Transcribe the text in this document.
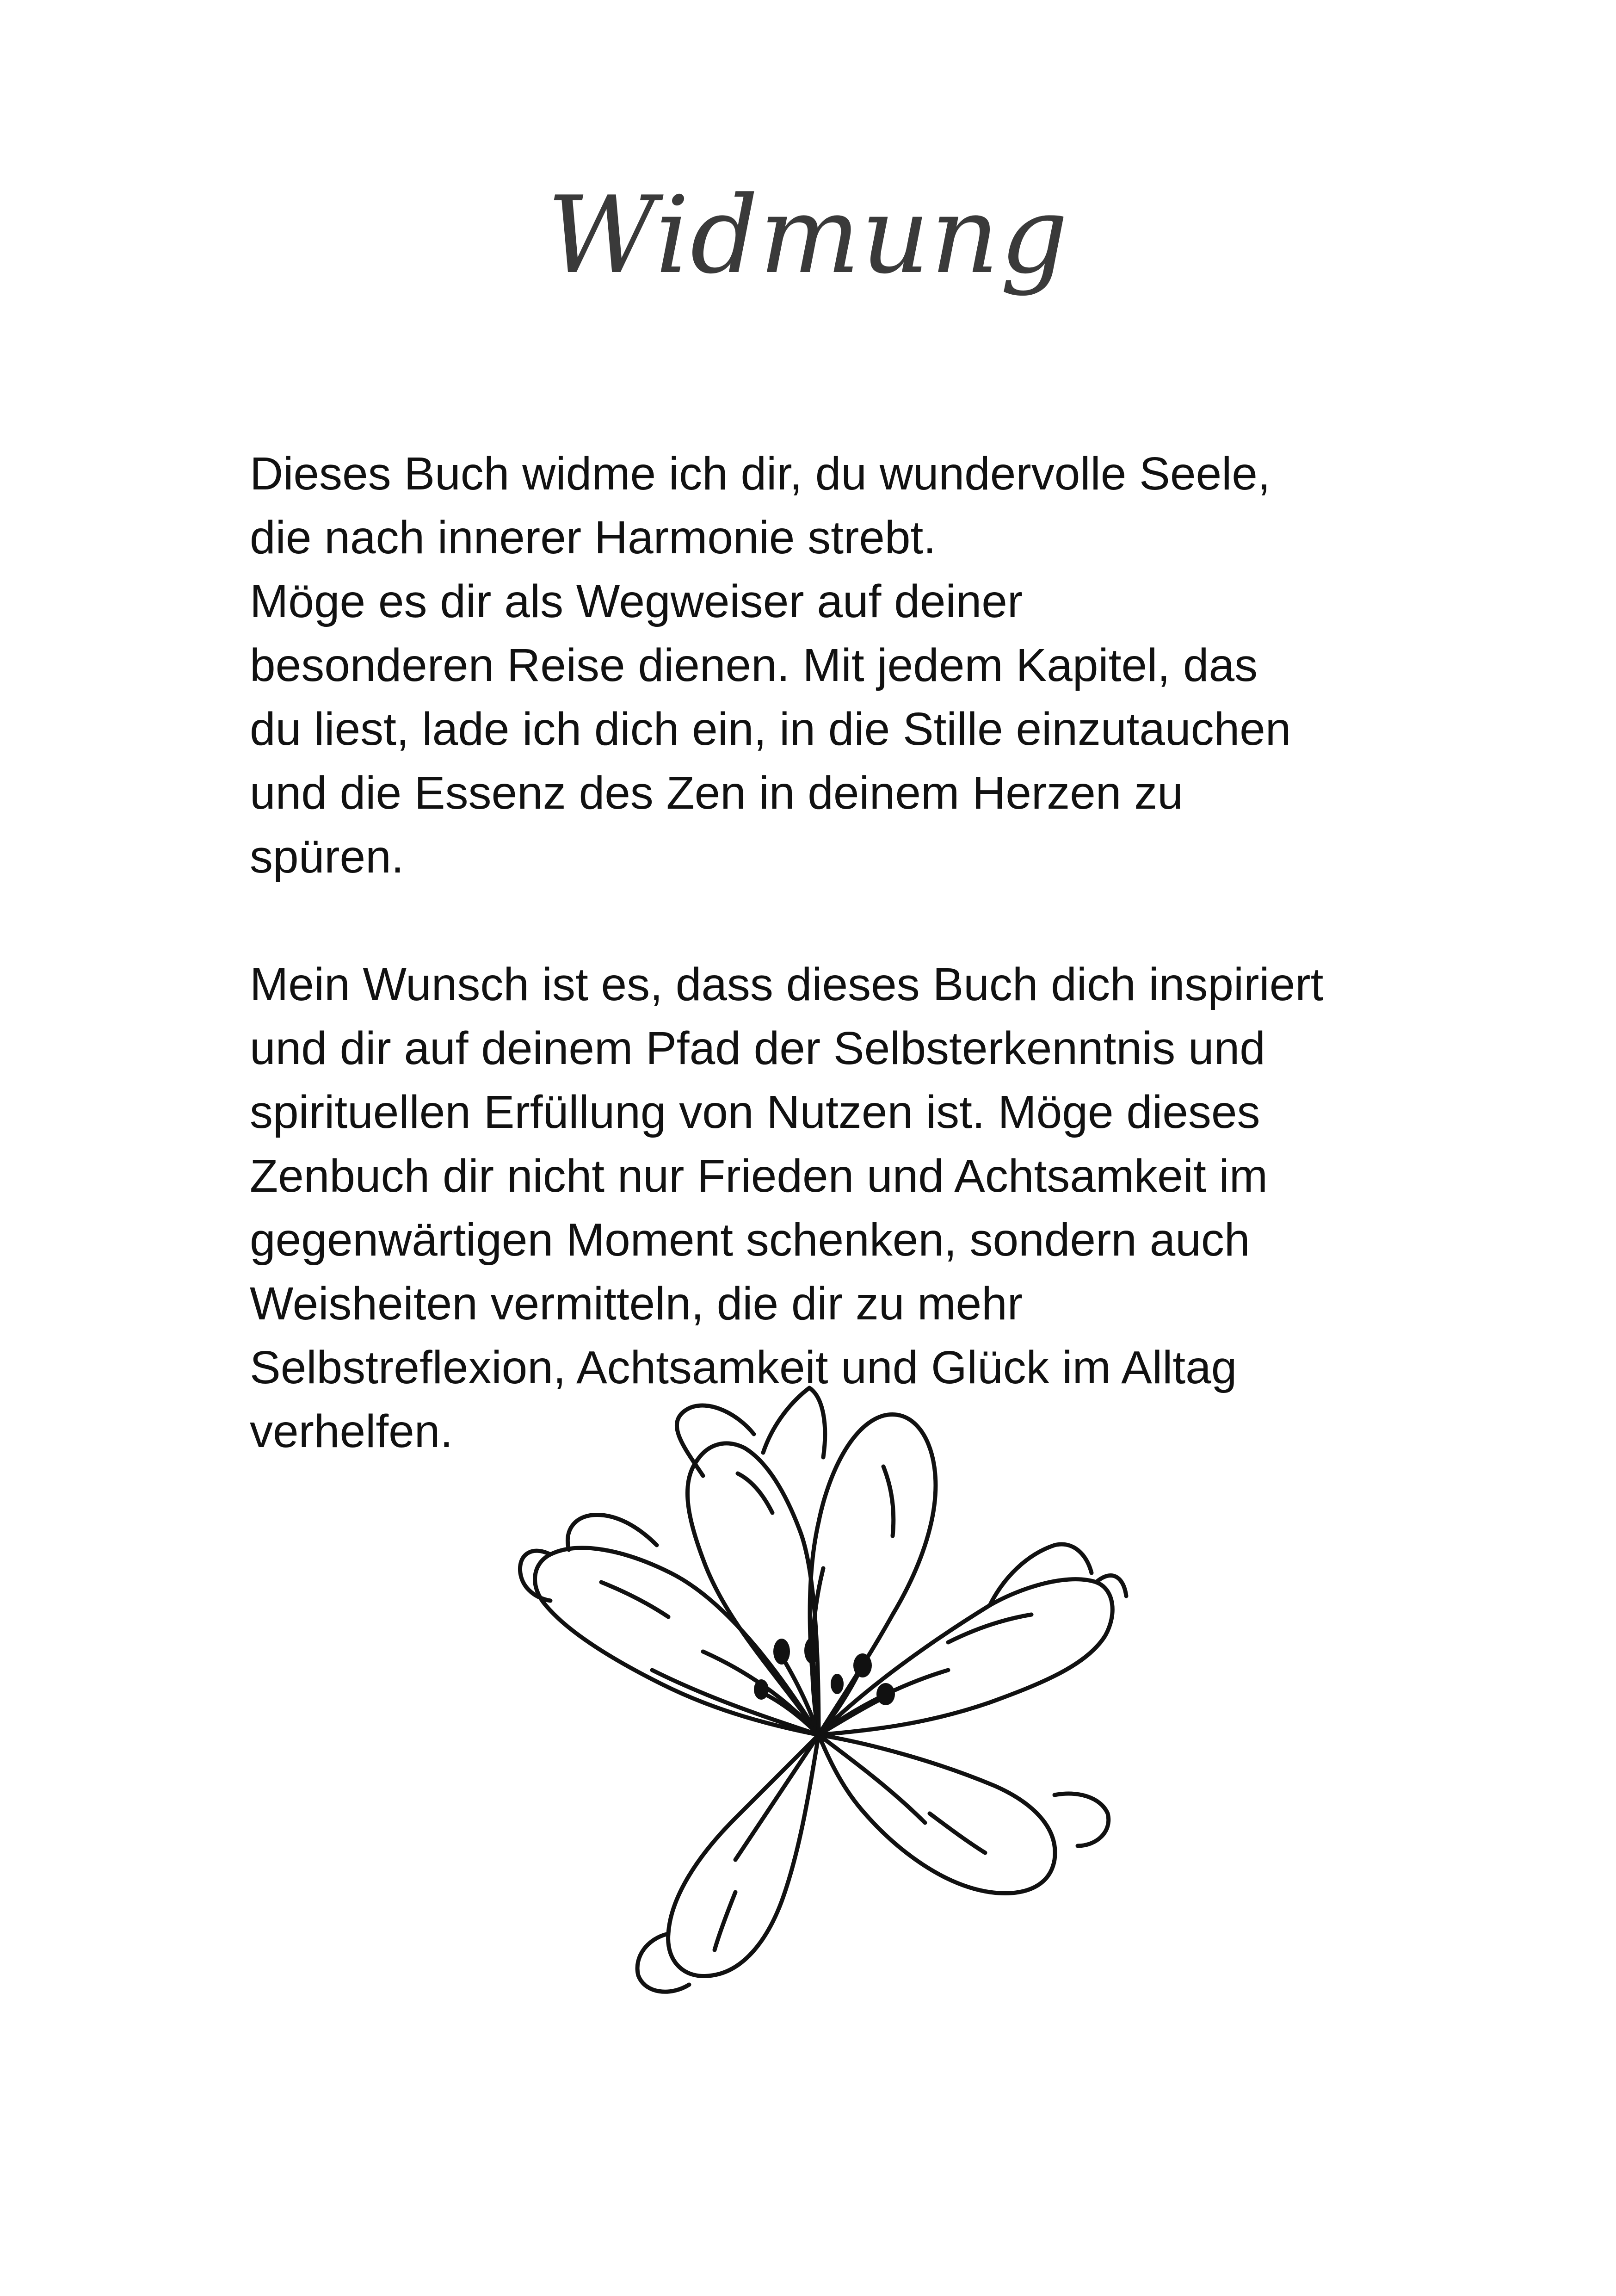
Widmung
Dieses Buch widme ich dir, du wundervolle Seele,
die nach innerer Harmonie strebt.
Möge es dir als Wegweiser auf deiner
besonderen Reise dienen. Mit jedem Kapitel, das
du liest, lade ich dich ein, in die Stille einzutauchen
und die Essenz des Zen in deinem Herzen zu
spüren.
Mein Wunsch ist es, dass dieses Buch dich inspiriert
und dir auf deinem Pfad der Selbsterkenntnis und
spirituellen Erfüllung von Nutzen ist. Möge dieses
Zenbuch dir nicht nur Frieden und Achtsamkeit im
gegenwärtigen Moment schenken, sondern auch
Weisheiten vermitteln, die dir zu mehr
Selbstreflexion, Achtsamkeit und Glück im Alltag
verhelfen.
